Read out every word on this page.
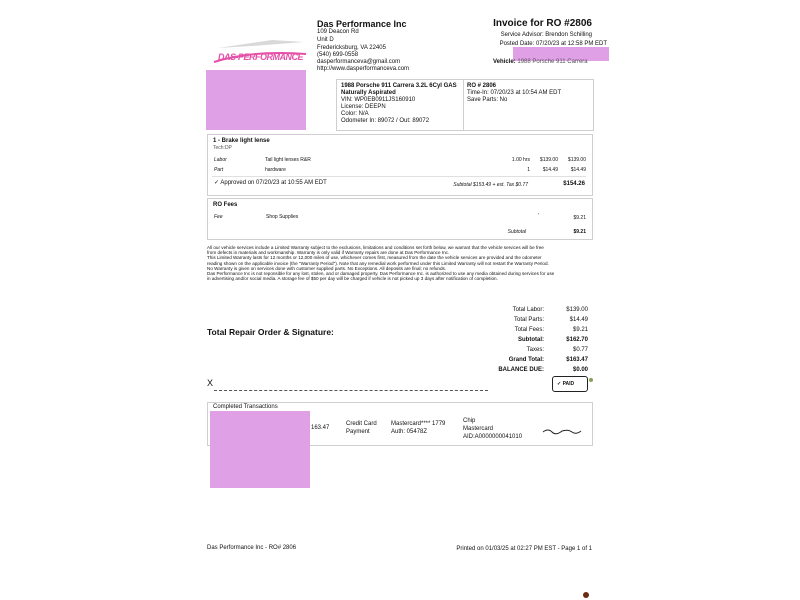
DAS-PERFORMANCE
Das Performance Inc
109 Deacon Rd
Unit D
Fredericksburg, VA 22405
(540) 699-0558
dasperformanceva@gmail.com
http://www.dasperformanceva.com
Invoice for RO #2806
Service Advisor: Brendon Schilling
Posted Date: 07/20/23 at 12:58 PM EDT
Vehicle: 1988 Porsche 911 Carrera
1988 Porsche 911 Carrera 3.2L 6Cyl GAS
Naturally Aspirated
VIN: WP0EB0911JS160910
License: DEEPN
Color: N/A
Odometer In: 89072 / Out: 89072
RO # 2806
Time-In: 07/20/23 at 10:54 AM EDT
Save Parts: No
1 - Brake light lense
Tech:DP
Labor	Tail light lenses R&R	1.00 hrs $139.00 $139.00
Part	hardware	1	$14.49	$14.49
✓ Approved on 07/20/23 at 10:55 AM EDT	Subtotal $153.49 + est. Tax $0.77	$154.26
RO Fees
Fee	Shop Supplies	'	$9.21
Subtotal	$9.21

All our vehicle services include a Limited Warranty subject to the exclusions, limitations and conditions set forth below, we warrant that the vehicle services will be free

from defects in materials and workmanship. Warranty is only valid if Warranty repairs are done at Das Performance Inc.

This Limited Warranty lasts for 12 months or 12,000 miles of use, whichever comes first, measured from the date the vehicle services are provided and the odometer

reading shown on the applicable invoice (the "Warranty Period"). Note that any remedial work performed under this Limited Warranty will not restart the Warranty Period.

No Warranty is given on services done with customer supplied parts. No Exceptions. All deposits are final; no refunds.

Das Performance Inc is not reponsible for any lost, stolen, and or damaged property. Das Performance Inc. is authorized to use any media obtained during services for use

in advertising and/or social media. A storage fee of $50 per day will be charged if vehicle is not picked up 3 days after notification of completion.

Total Repair Order & Signature:
Total Labor:	$139.00
Total Parts:	$14.49
Total Fees:	$9.21
Subtotal:	$162.70
Taxes:	$0.77
Grand Total:	$163.47
BALANCE DUE:	$0.00
X	✓ PAID
Completed Transactions
163.47
Credit Card
Payment
Mastercard**** 1779
Auth: 05478Z
Chip
Mastercard
AID:A0000000041010
Das Performance Inc - RO# 2806	Printed on 01/03/25 at 02:27 PM EST - Page 1 of 1
